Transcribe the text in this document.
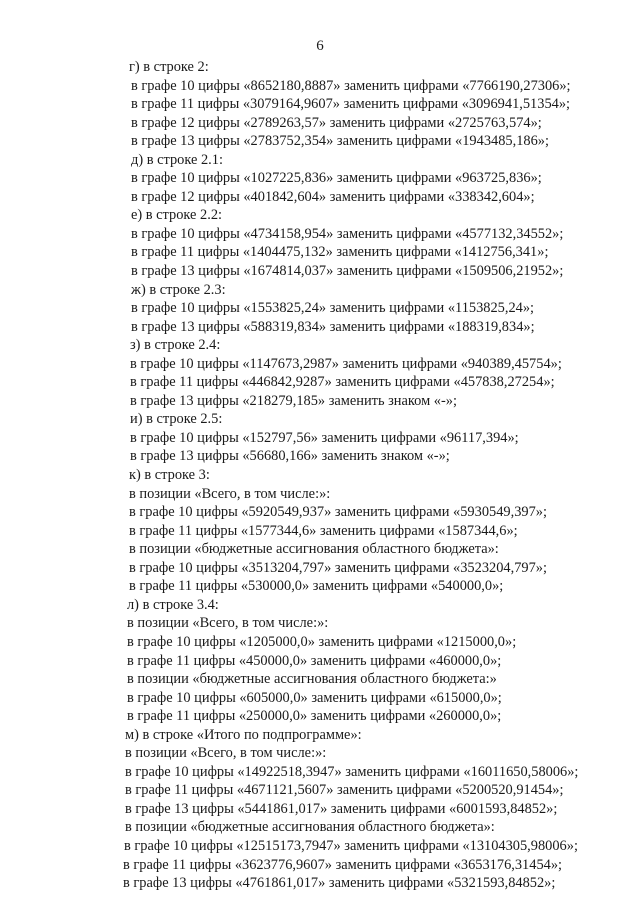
6
г) в строке 2:
в графе 10 цифры «8652180,8887» заменить цифрами «7766190,27306»;
в графе 11 цифры «3079164,9607» заменить цифрами «3096941,51354»;
в графе 12 цифры «2789263,57» заменить цифрами «2725763,574»;
в графе 13 цифры «2783752,354» заменить цифрами «1943485,186»;
д) в строке 2.1:
в графе 10 цифры «1027225,836» заменить цифрами «963725,836»;
в графе 12 цифры «401842,604» заменить цифрами «338342,604»;
е) в строке 2.2:
в графе 10 цифры «4734158,954» заменить цифрами «4577132,34552»;
в графе 11 цифры «1404475,132» заменить цифрами «1412756,341»;
в графе 13 цифры «1674814,037» заменить цифрами «1509506,21952»;
ж) в строке 2.3:
в графе 10 цифры «1553825,24» заменить цифрами «1153825,24»;
в графе 13 цифры «588319,834» заменить цифрами «188319,834»;
з) в строке 2.4:
в графе 10 цифры «1147673,2987» заменить цифрами «940389,45754»;
в графе 11 цифры «446842,9287» заменить цифрами «457838,27254»;
в графе 13 цифры «218279,185» заменить знаком «-»;
и) в строке 2.5:
в графе 10 цифры «152797,56» заменить цифрами «96117,394»;
в графе 13 цифры «56680,166» заменить знаком «-»;
к) в строке 3:
в позиции «Всего, в том числе:»:
в графе 10 цифры «5920549,937» заменить цифрами «5930549,397»;
в графе 11 цифры «1577344,6» заменить цифрами «1587344,6»;
в позиции «бюджетные ассигнования областного бюджета»:
в графе 10 цифры «3513204,797» заменить цифрами «3523204,797»;
в графе 11 цифры «530000,0» заменить цифрами «540000,0»;
л) в строке 3.4:
в позиции «Всего, в том числе:»:
в графе 10 цифры «1205000,0» заменить цифрами «1215000,0»;
в графе 11 цифры «450000,0» заменить цифрами «460000,0»;
в позиции «бюджетные ассигнования областного бюджета:»
в графе 10 цифры «605000,0» заменить цифрами «615000,0»;
в графе 11 цифры «250000,0» заменить цифрами «260000,0»;
м) в строке «Итого по подпрограмме»:
в позиции «Всего, в том числе:»:
в графе 10 цифры «14922518,3947» заменить цифрами «16011650,58006»;
в графе 11 цифры «4671121,5607» заменить цифрами «5200520,91454»;
в графе 13 цифры «5441861,017» заменить цифрами «6001593,84852»;
в позиции «бюджетные ассигнования областного бюджета»:
в графе 10 цифры «12515173,7947» заменить цифрами «13104305,98006»;
в графе 11 цифры «3623776,9607» заменить цифрами «3653176,31454»;
в графе 13 цифры «4761861,017» заменить цифрами «5321593,84852»;
